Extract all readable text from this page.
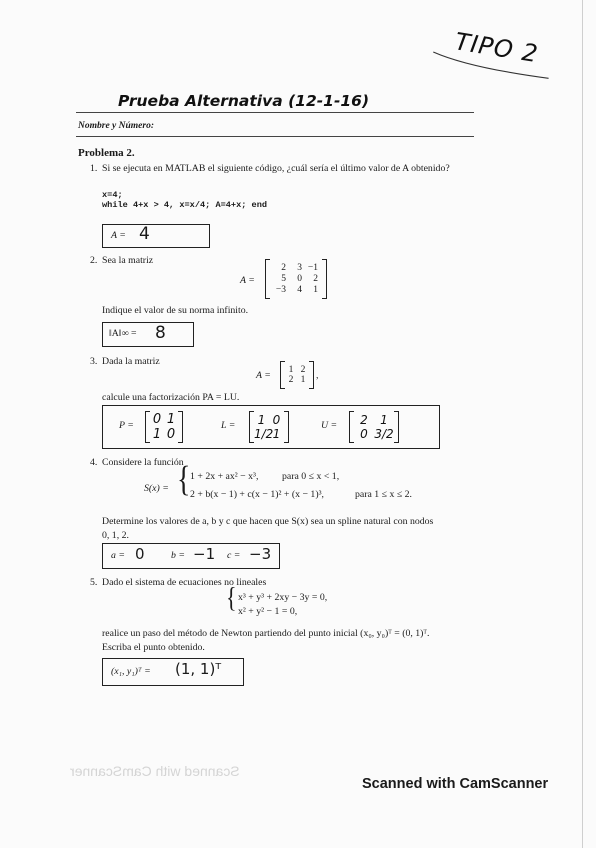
TIPO 2
Prueba Alternativa (12-1-16)
Nombre y Número:
Problema 2.
1. Si se ejecuta en MATLAB el siguiente código, ¿cuál sería el último valor de A obtenido?
x=4;
while 4+x > 4, x=x/4; A=4+x; end
A = 4
2. Sea la matriz
A =
2	3 −1
5	0	2
−3	4	1
Indique el valor de su norma infinito.
‖A‖∞ = 8
3. Dada la matriz
A =	1 2
2 1	,
calcule una factorización PA = LU.
P = 0 1
1 0
L =	1 0
1/2 1
U =	2	1
0 3/2
4. Considere la función
S(x) = { 1 + 2x + ax² − x³, para 0 ≤ x < 1,
2 + b(x − 1) + c(x − 1)² + (x − 1)³,	para 1 ≤ x ≤ 2.
Determine los valores de a, b y c que hacen que S(x) sea un spline natural con nodos
0, 1, 2.
a = 0	b = −1 c = −3
5. Dado el sistema de ecuaciones no lineales
{ x³ + y³ + 2xy − 3y = 0,
x² + y² − 1 = 0,
realice un paso del método de Newton partiendo del punto inicial (x₀, y₀)ᵀ = (0, 1)ᵀ.
Escriba el punto obtenido.
(x₁, y₁)ᵀ = (1, 1)ᵀ
Scanned with CamScanner
Scanned with CamScanner
